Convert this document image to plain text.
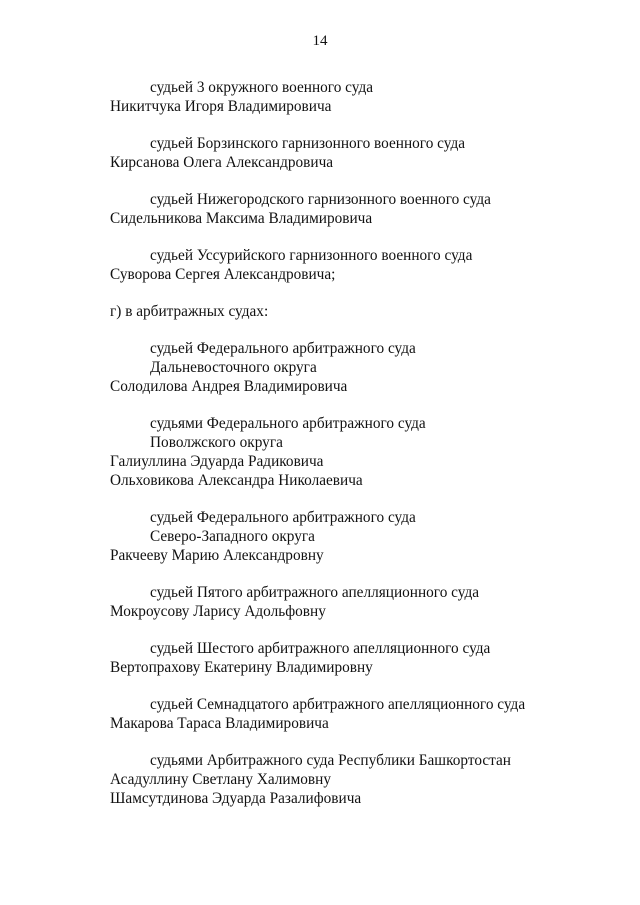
14
судьей 3 окружного военного суда
Никитчука Игоря Владимировича
судьей Борзинского гарнизонного военного суда
Кирсанова Олега Александровича
судьей Нижегородского гарнизонного военного суда
Сидельникова Максима Владимировича
судьей Уссурийского гарнизонного военного суда
Суворова Сергея Александровича;
г) в арбитражных судах:
судьей Федерального арбитражного суда
Дальневосточного округа
Солодилова Андрея Владимировича
судьями Федерального арбитражного суда
Поволжского округа
Галиуллина Эдуарда Радиковича
Ольховикова Александра Николаевича
судьей Федерального арбитражного суда
Северо-Западного округа
Ракчееву Марию Александровну
судьей Пятого арбитражного апелляционного суда
Мокроусову Ларису Адольфовну
судьей Шестого арбитражного апелляционного суда
Вертопрахову Екатерину Владимировну
судьей Семнадцатого арбитражного апелляционного суда
Макарова Тараса Владимировича
судьями Арбитражного суда Республики Башкортостан
Асадуллину Светлану Халимовну
Шамсутдинова Эдуарда Разалифовича
